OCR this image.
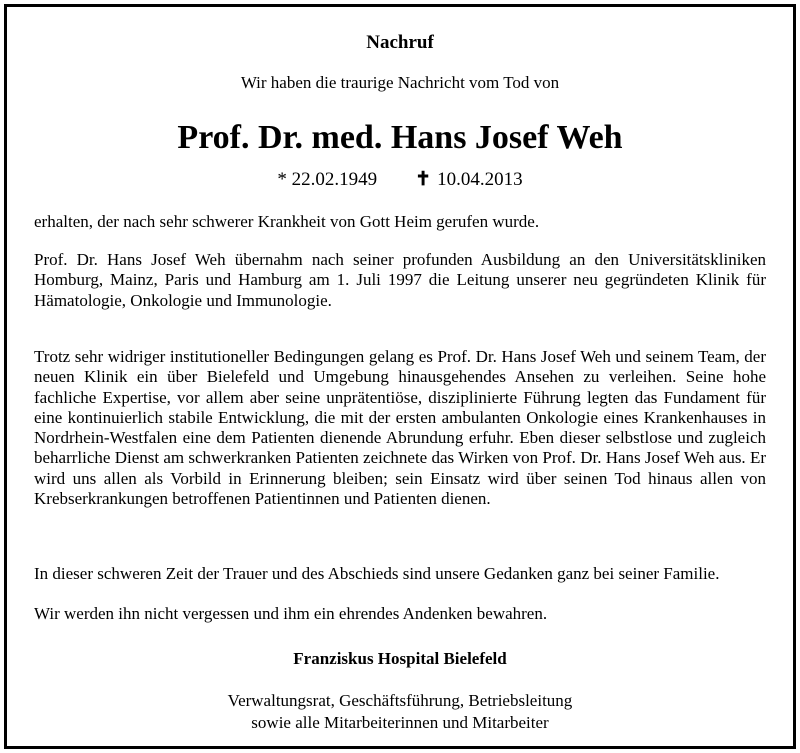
Nachruf
Wir haben die traurige Nachricht vom Tod von
Prof. Dr. med. Hans Josef Weh
* 22.02.1949 ✝ 10.04.2013
erhalten, der nach sehr schwerer Krankheit von Gott Heim gerufen wurde.
Prof. Dr. Hans Josef Weh übernahm nach seiner profunden Ausbildung an den Universitätskliniken Homburg, Mainz, Paris und Hamburg am 1. Juli 1997 die Leitung unserer neu gegründeten Klinik für Hämatologie, Onkologie und Immunologie.
Trotz sehr widriger institutioneller Bedingungen gelang es Prof. Dr. Hans Josef Weh und seinem Team, der neuen Klinik ein über Bielefeld und Umgebung hinausgehendes Ansehen zu verleihen. Seine hohe fachliche Expertise, vor allem aber seine unprätentiöse, disziplinierte Führung legten das Fundament für eine kontinuierlich stabile Entwicklung, die mit der ersten ambulanten Onkologie eines Krankenhauses in Nordrhein-Westfalen eine dem Patienten dienende Abrundung erfuhr. Eben dieser selbstlose und zugleich beharrliche Dienst am schwerkranken Patienten zeichnete das Wirken von Prof. Dr. Hans Josef Weh aus. Er wird uns allen als Vorbild in Erinnerung bleiben; sein Einsatz wird über seinen Tod hinaus allen von Krebserkrankungen betroffenen Patientinnen und Patienten dienen.
In dieser schweren Zeit der Trauer und des Abschieds sind unsere Gedanken ganz bei seiner Familie.
Wir werden ihn nicht vergessen und ihm ein ehrendes Andenken bewahren.
Franziskus Hospital Bielefeld
Verwaltungsrat, Geschäftsführung, Betriebsleitung
sowie alle Mitarbeiterinnen und Mitarbeiter
